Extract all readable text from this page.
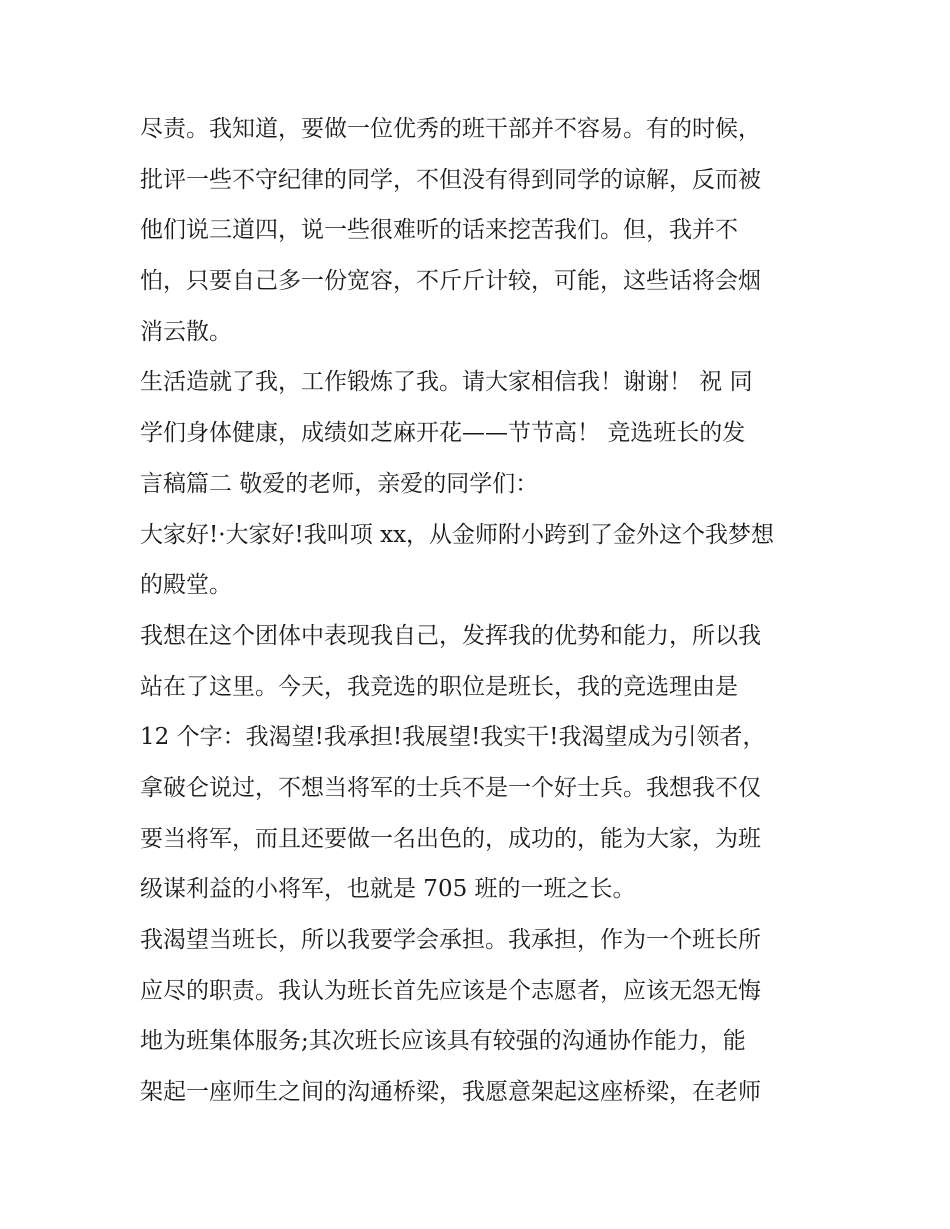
尽责。我知道，要做一位优秀的班干部并不容易。有的时候，
批评一些不守纪律的同学，不但没有得到同学的谅解，反而被
他们说三道四，说一些很难听的话来挖苦我们。但，我并不
怕，只要自己多一份宽容，不斤斤计较，可能，这些话将会烟
消云散。
生活造就了我，工作锻炼了我。请大家相信我！谢谢！ 祝 同
学们身体健康，成绩如芝麻开花——节节高！ 竞选班长的发
言稿篇二 敬爱的老师，亲爱的同学们：
大家好!·大家好!我叫项 xx，从金师附小跨到了金外这个我梦想
的殿堂。
我想在这个团体中表现我自己，发挥我的优势和能力，所以我
站在了这里。今天，我竞选的职位是班长，我的竞选理由是
12 个字：我渴望!我承担!我展望!我实干!我渴望成为引领者，
拿破仑说过，不想当将军的士兵不是一个好士兵。我想我不仅
要当将军，而且还要做一名出色的，成功的，能为大家，为班
级谋利益的小将军，也就是 705 班的一班之长。
我渴望当班长，所以我要学会承担。我承担，作为一个班长所
应尽的职责。我认为班长首先应该是个志愿者，应该无怨无悔
地为班集体服务;其次班长应该具有较强的沟通协作能力，能
架起一座师生之间的沟通桥梁，我愿意架起这座桥梁，在老师
